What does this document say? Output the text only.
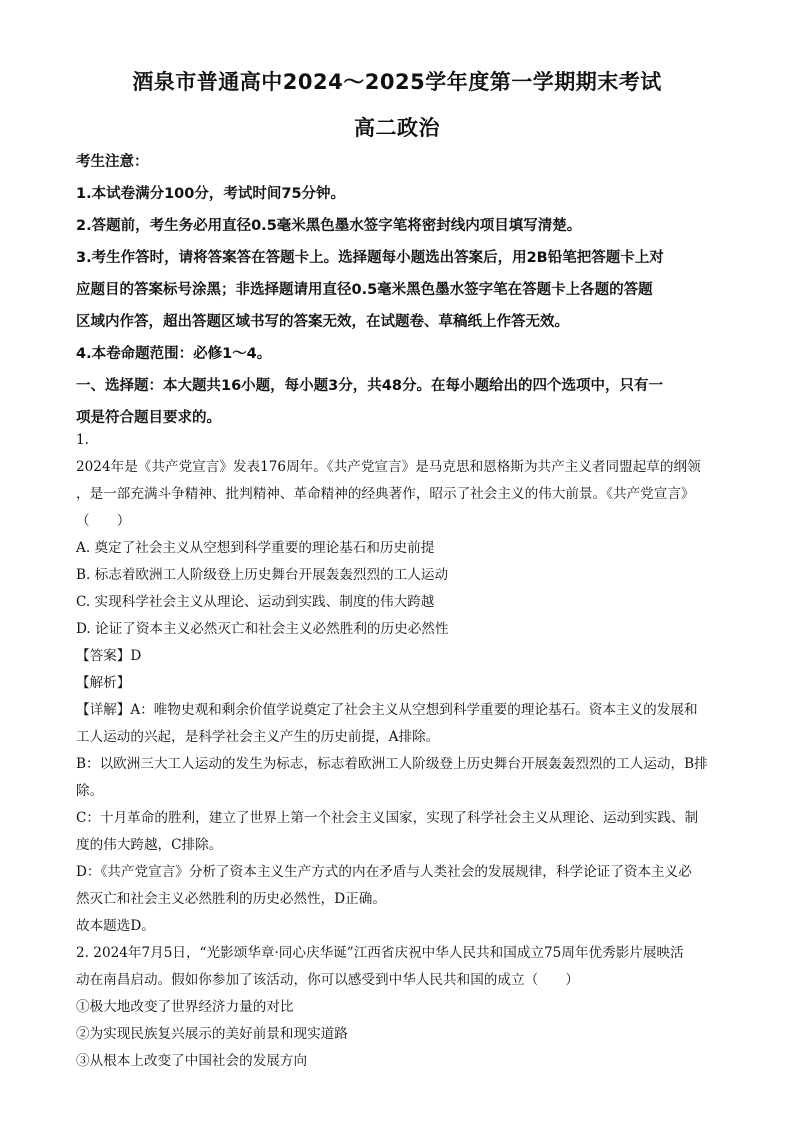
酒泉市普通高中2024～2025学年度第一学期期末考试
高二政治

考生注意：

1.本试卷满分100分，考试时间75分钟。

2.答题前，考生务必用直径0.5毫米黑色墨水签字笔将密封线内项目填写清楚。

3.考生作答时，请将答案答在答题卡上。选择题每小题选出答案后，用2B铅笔把答题卡上对

应题目的答案标号涂黑；非选择题请用直径0.5毫米黑色墨水签字笔在答题卡上各题的答题

区域内作答，超出答题区域书写的答案无效，在试题卷、草稿纸上作答无效。

4.本卷命题范围：必修1～4。

一、选择题：本大题共16小题，每小题3分，共48分。在每小题给出的四个选项中，只有一

项是符合题目要求的。

1.

2024年是《共产党宣言》发表176周年。《共产党宣言》是马克思和恩格斯为共产主义者同盟起草的纲领

，是一部充满斗争精神、批判精神、革命精神的经典著作，昭示了社会主义的伟大前景。《共产党宣言》

（　　）

A. 奠定了社会主义从空想到科学重要的理论基石和历史前提

B. 标志着欧洲工人阶级登上历史舞台开展轰轰烈烈的工人运动

C. 实现科学社会主义从理论、运动到实践、制度的伟大跨越

D. 论证了资本主义必然灭亡和社会主义必然胜利的历史必然性

【答案】D

【解析】

【详解】A：唯物史观和剩余价值学说奠定了社会主义从空想到科学重要的理论基石。资本主义的发展和

工人运动的兴起，是科学社会主义产生的历史前提，A排除。

B：以欧洲三大工人运动的发生为标志，标志着欧洲工人阶级登上历史舞台开展轰轰烈烈的工人运动，B排

除。

C：十月革命的胜利，建立了世界上第一个社会主义国家，实现了科学社会主义从理论、运动到实践、制

度的伟大跨越，C排除。

D：《共产党宣言》分析了资本主义生产方式的内在矛盾与人类社会的发展规律，科学论证了资本主义必

然灭亡和社会主义必然胜利的历史必然性，D正确。

故本题选D。

2. 2024年7月5日，“光影颂华章·同心庆华诞”江西省庆祝中华人民共和国成立75周年优秀影片展映活

动在南昌启动。假如你参加了该活动，你可以感受到中华人民共和国的成立（　　）

①极大地改变了世界经济力量的对比

②为实现民族复兴展示的美好前景和现实道路

③从根本上改变了中国社会的发展方向
